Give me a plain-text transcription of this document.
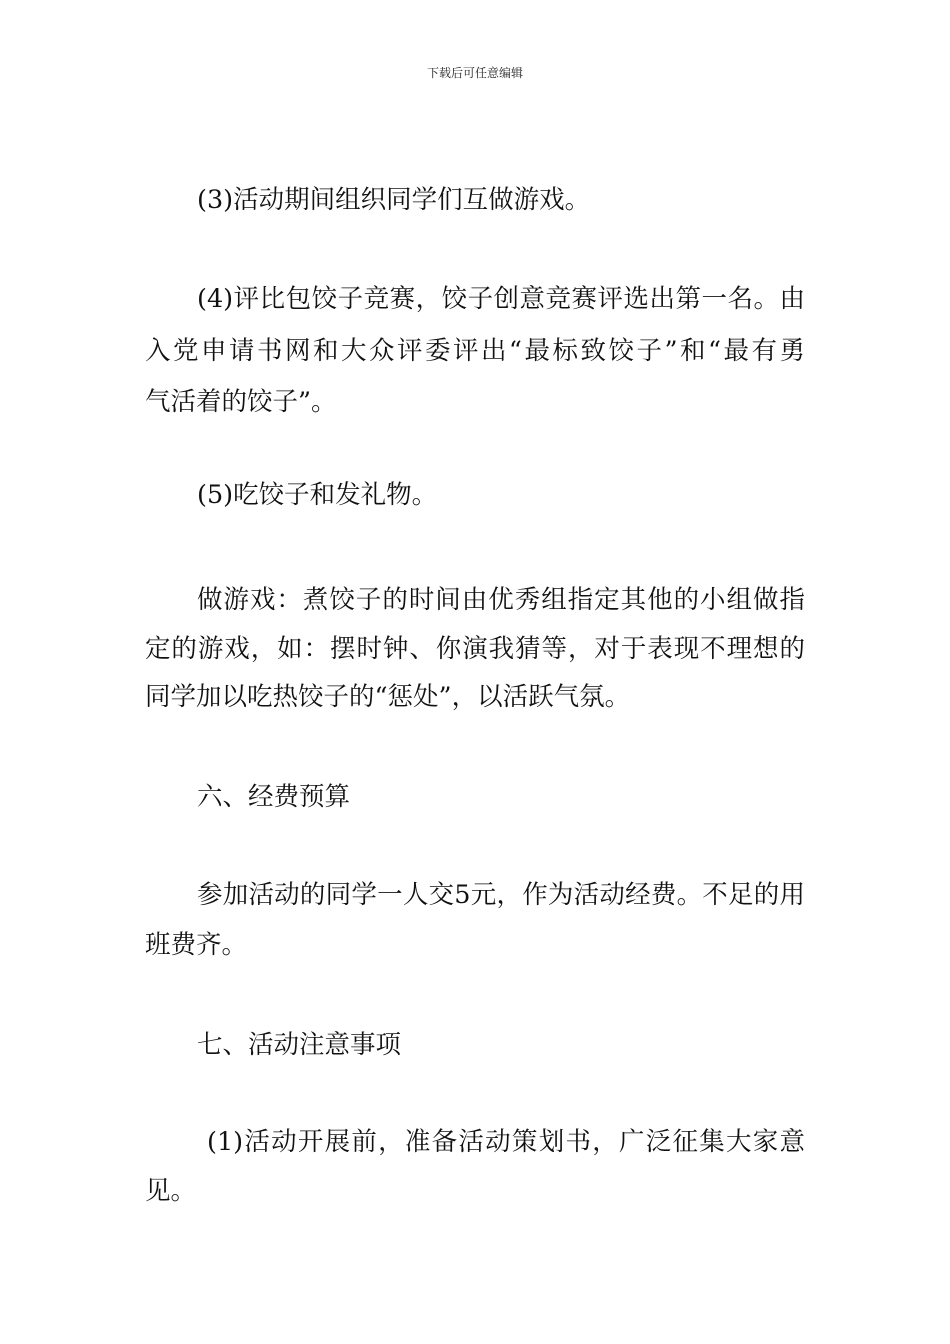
下载后可任意编辑
(3)活动期间组织同学们互做游戏。
(4)评比包饺子竞赛，饺子创意竞赛评选出第一名。由
入党申请书网和大众评委评出“最标致饺子”和“最有勇
气活着的饺子”。
(5)吃饺子和发礼物。
做游戏：煮饺子的时间由优秀组指定其他的小组做指
定的游戏，如：摆时钟、你演我猜等，对于表现不理想的
同学加以吃热饺子的“惩处”，以活跃气氛。
六、经费预算
参加活动的同学一人交5元，作为活动经费。不足的用
班费齐。
七、活动注意事项
(1)活动开展前，准备活动策划书，广泛征集大家意
见。
